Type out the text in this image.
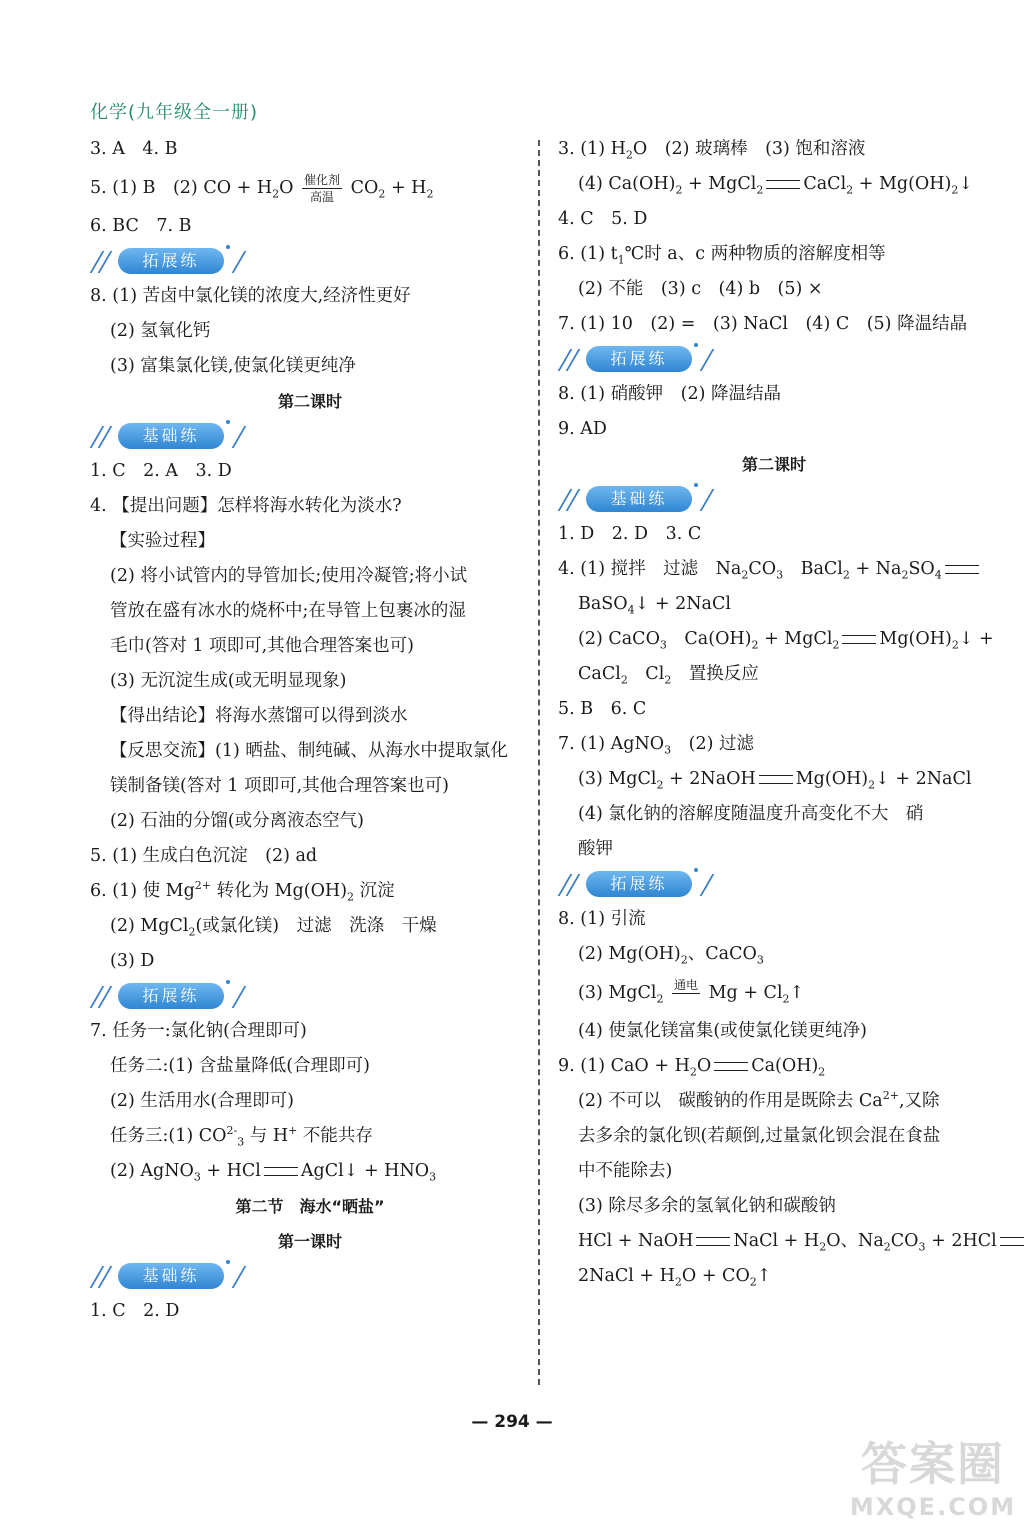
化学(九年级全一册)
3. A　4. B
5. (1) B　(2) CO + $H_2O \frac{\text{催化剂}}{\text{高温}} CO_2 + H_2$
6. BC　7. B
拓展练
8. (1) 苦卤中氯化镁的浓度大,经济性更好
(2) 氢氧化钙
(3) 富集氯化镁,使氯化镁更纯净
第二课时
基础练
1. C　2. A　3. D
4. 【提出问题】怎样将海水转化为淡水?
【实验过程】
(2) 将小试管内的导管加长;使用冷凝管;将小试
管放在盛有冰水的烧杯中;在导管上包裹冰的湿
毛巾(答对 1 项即可,其他合理答案也可)
(3) 无沉淀生成(或无明显现象)
【得出结论】将海水蒸馏可以得到淡水
【反思交流】(1) 晒盐、制纯碱、从海水中提取氯化
镁制备镁(答对 1 项即可,其他合理答案也可)
(2) 石油的分馏(或分离液态空气)
5. (1) 生成白色沉淀　(2) ad
6. (1) 使 $Mg^{2+}$ 转化为 $Mg(OH)_2$ 沉淀
(2) MgCl$_2$(或氯化镁)　过滤　洗涤　干燥
(3) D
拓展练
7. 任务一:氯化钠(合理即可)
任务二:(1) 含盐量降低(合理即可)
(2) 生活用水(合理即可)
任务三:(1) $CO^{2-}_3$ 与 H+ 不能共存
(2) AgNO$_3$ + HCl AgCl↓ + $HNO_3$
第二节　海水“晒盐”
第一课时
基础练
1. C　2. D
3. (1) $H_2O$　(2) 玻璃棒　(3) 饱和溶液
(4) $Ca(OH)_2$ + MgCl$_2$ CaCl$_2$ + $Mg(OH)_2↓$
4. C　5. D
6. (1) $t_1℃$时 a、c 两种物质的溶解度相等
(2) 不能　(3) c　(4) b　(5) ×
7. (1) 10　(2) =　(3) NaCl　(4) C　(5) 降温结晶
拓展练
8. (1) 硝酸钾　(2) 降温结晶
9. AD
第二课时
基础练
1. D　2. D　3. C
4. (1) 搅拌　过滤　$Na_2CO_3$　BaCl$_2$ + $Na_2SO_4$
BaSO$_4$↓ + 2NaCl
(2) CaCO$_3$　$Ca(OH)_2$ + MgCl$_2$ $Mg(OH)_2↓$ +
CaCl$_2$　$Cl_2$　置换反应
5. B　6. C
7. (1) AgNO$_3$　(2) 过滤
(3) MgCl$_2$ + 2NaOH $Mg(OH)_2↓$ + 2NaCl
(4) 氯化钠的溶解度随温度升高变化不大　硝
酸钾
拓展练
8. (1) 引流
(2) $Mg(OH)_2$、CaCO$_3$
(3) MgCl$_2$
通电
$Mg + Cl_2↑$
(4) 使氯化镁富集(或使氯化镁更纯净)
9. (1) CaO + $H_2O$ $Ca(OH)_2$
(2) 不可以　碳酸钠的作用是既除去 $Ca^{2+}$,又除
去多余的氯化钡(若颠倒,过量氯化钡会混在食盐
中不能除去)
(3) 除尽多余的氢氧化钠和碳酸钠
HCl + NaOH NaCl + $H_2O$、$Na_2CO_3 + 2HCl$
2NaCl + $H_2O$ + $CO_2↑$
— 294 —
答案圈
MXQE.COM
